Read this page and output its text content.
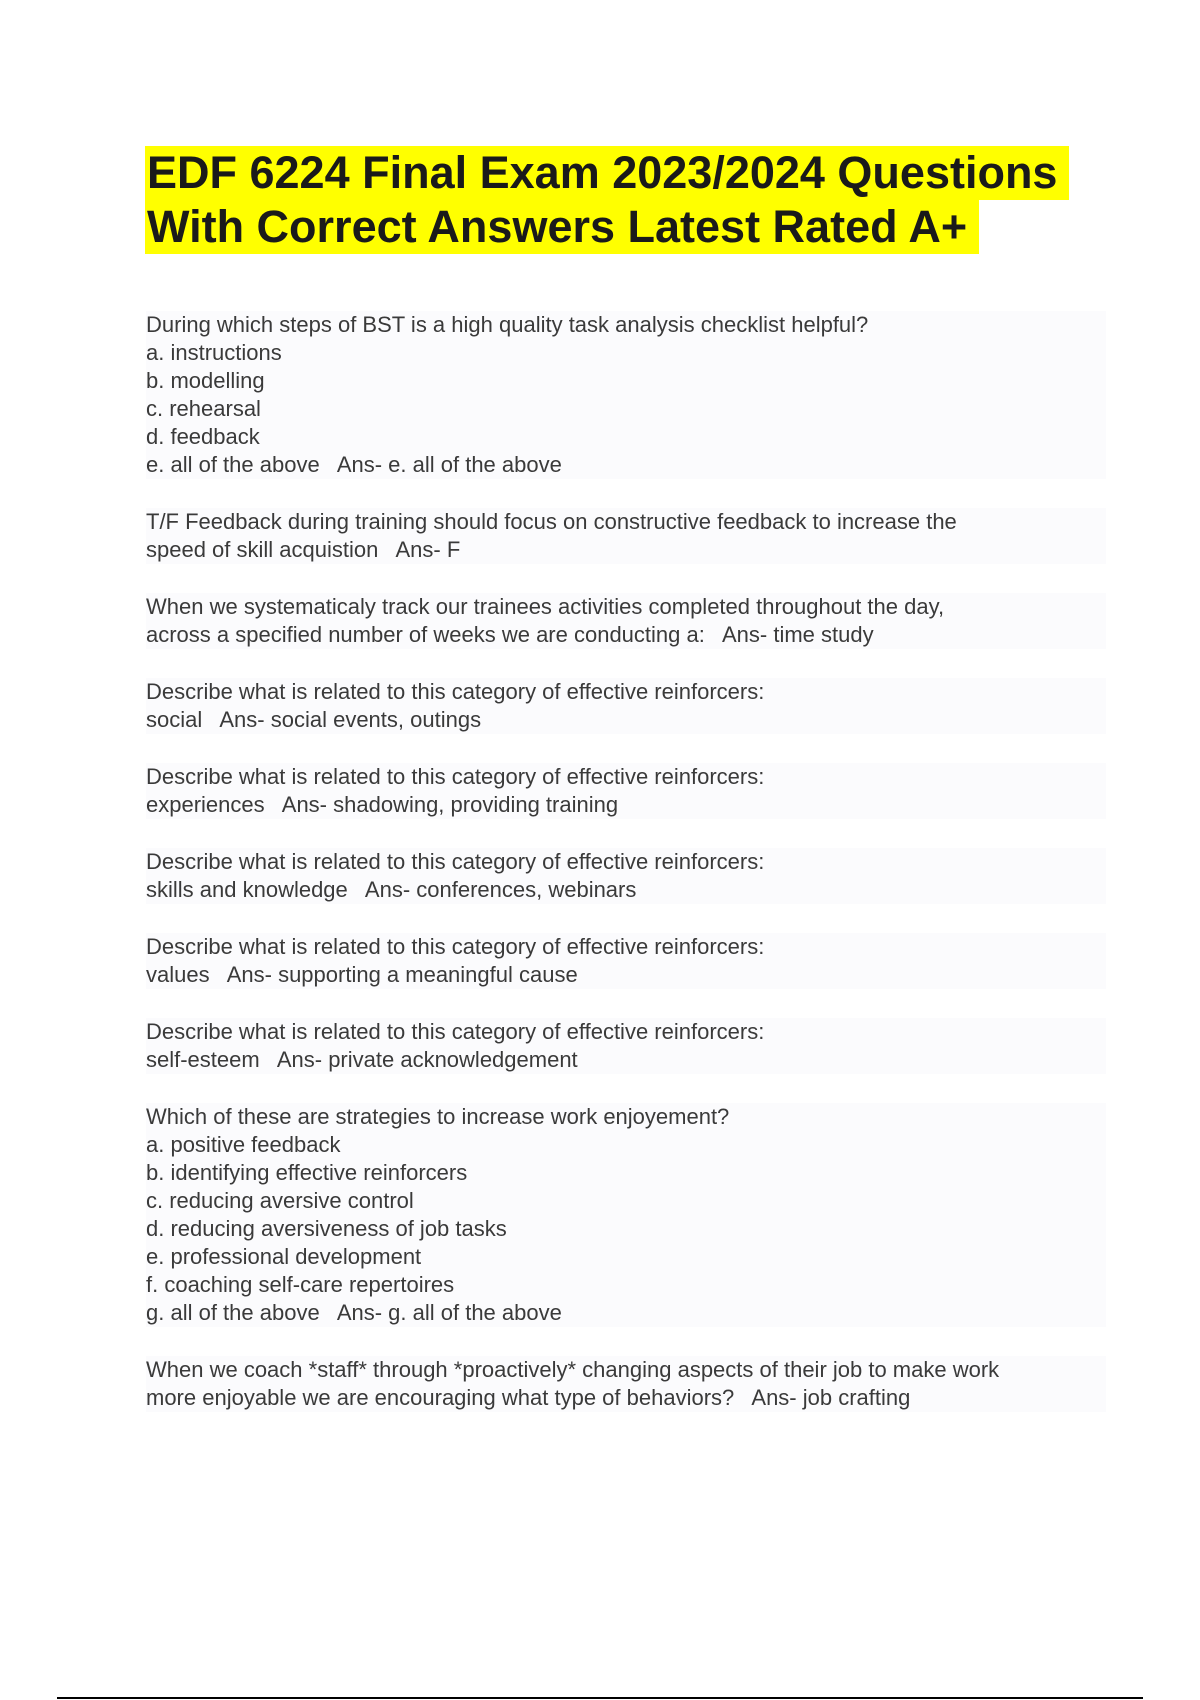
EDF 6224 Final Exam 2023/2024 Questions
With Correct Answers Latest Rated A+
During which steps of BST is a high quality task analysis checklist helpful?
a. instructions
b. modelling
c. rehearsal
d. feedback
e. all of the above Ans- e. all of the above
T/F Feedback during training should focus on constructive feedback to increase the
speed of skill acquistion Ans- F
When we systematicaly track our trainees activities completed throughout the day,
across a specified number of weeks we are conducting a: Ans- time study
Describe what is related to this category of effective reinforcers:
social Ans- social events, outings
Describe what is related to this category of effective reinforcers:
experiences Ans- shadowing, providing training
Describe what is related to this category of effective reinforcers:
skills and knowledge Ans- conferences, webinars
Describe what is related to this category of effective reinforcers:
values Ans- supporting a meaningful cause
Describe what is related to this category of effective reinforcers:
self-esteem Ans- private acknowledgement
Which of these are strategies to increase work enjoyement?
a. positive feedback
b. identifying effective reinforcers
c. reducing aversive control
d. reducing aversiveness of job tasks
e. professional development
f. coaching self-care repertoires
g. all of the above Ans- g. all of the above
When we coach *staff* through *proactively* changing aspects of their job to make work
more enjoyable we are encouraging what type of behaviors? Ans- job crafting
